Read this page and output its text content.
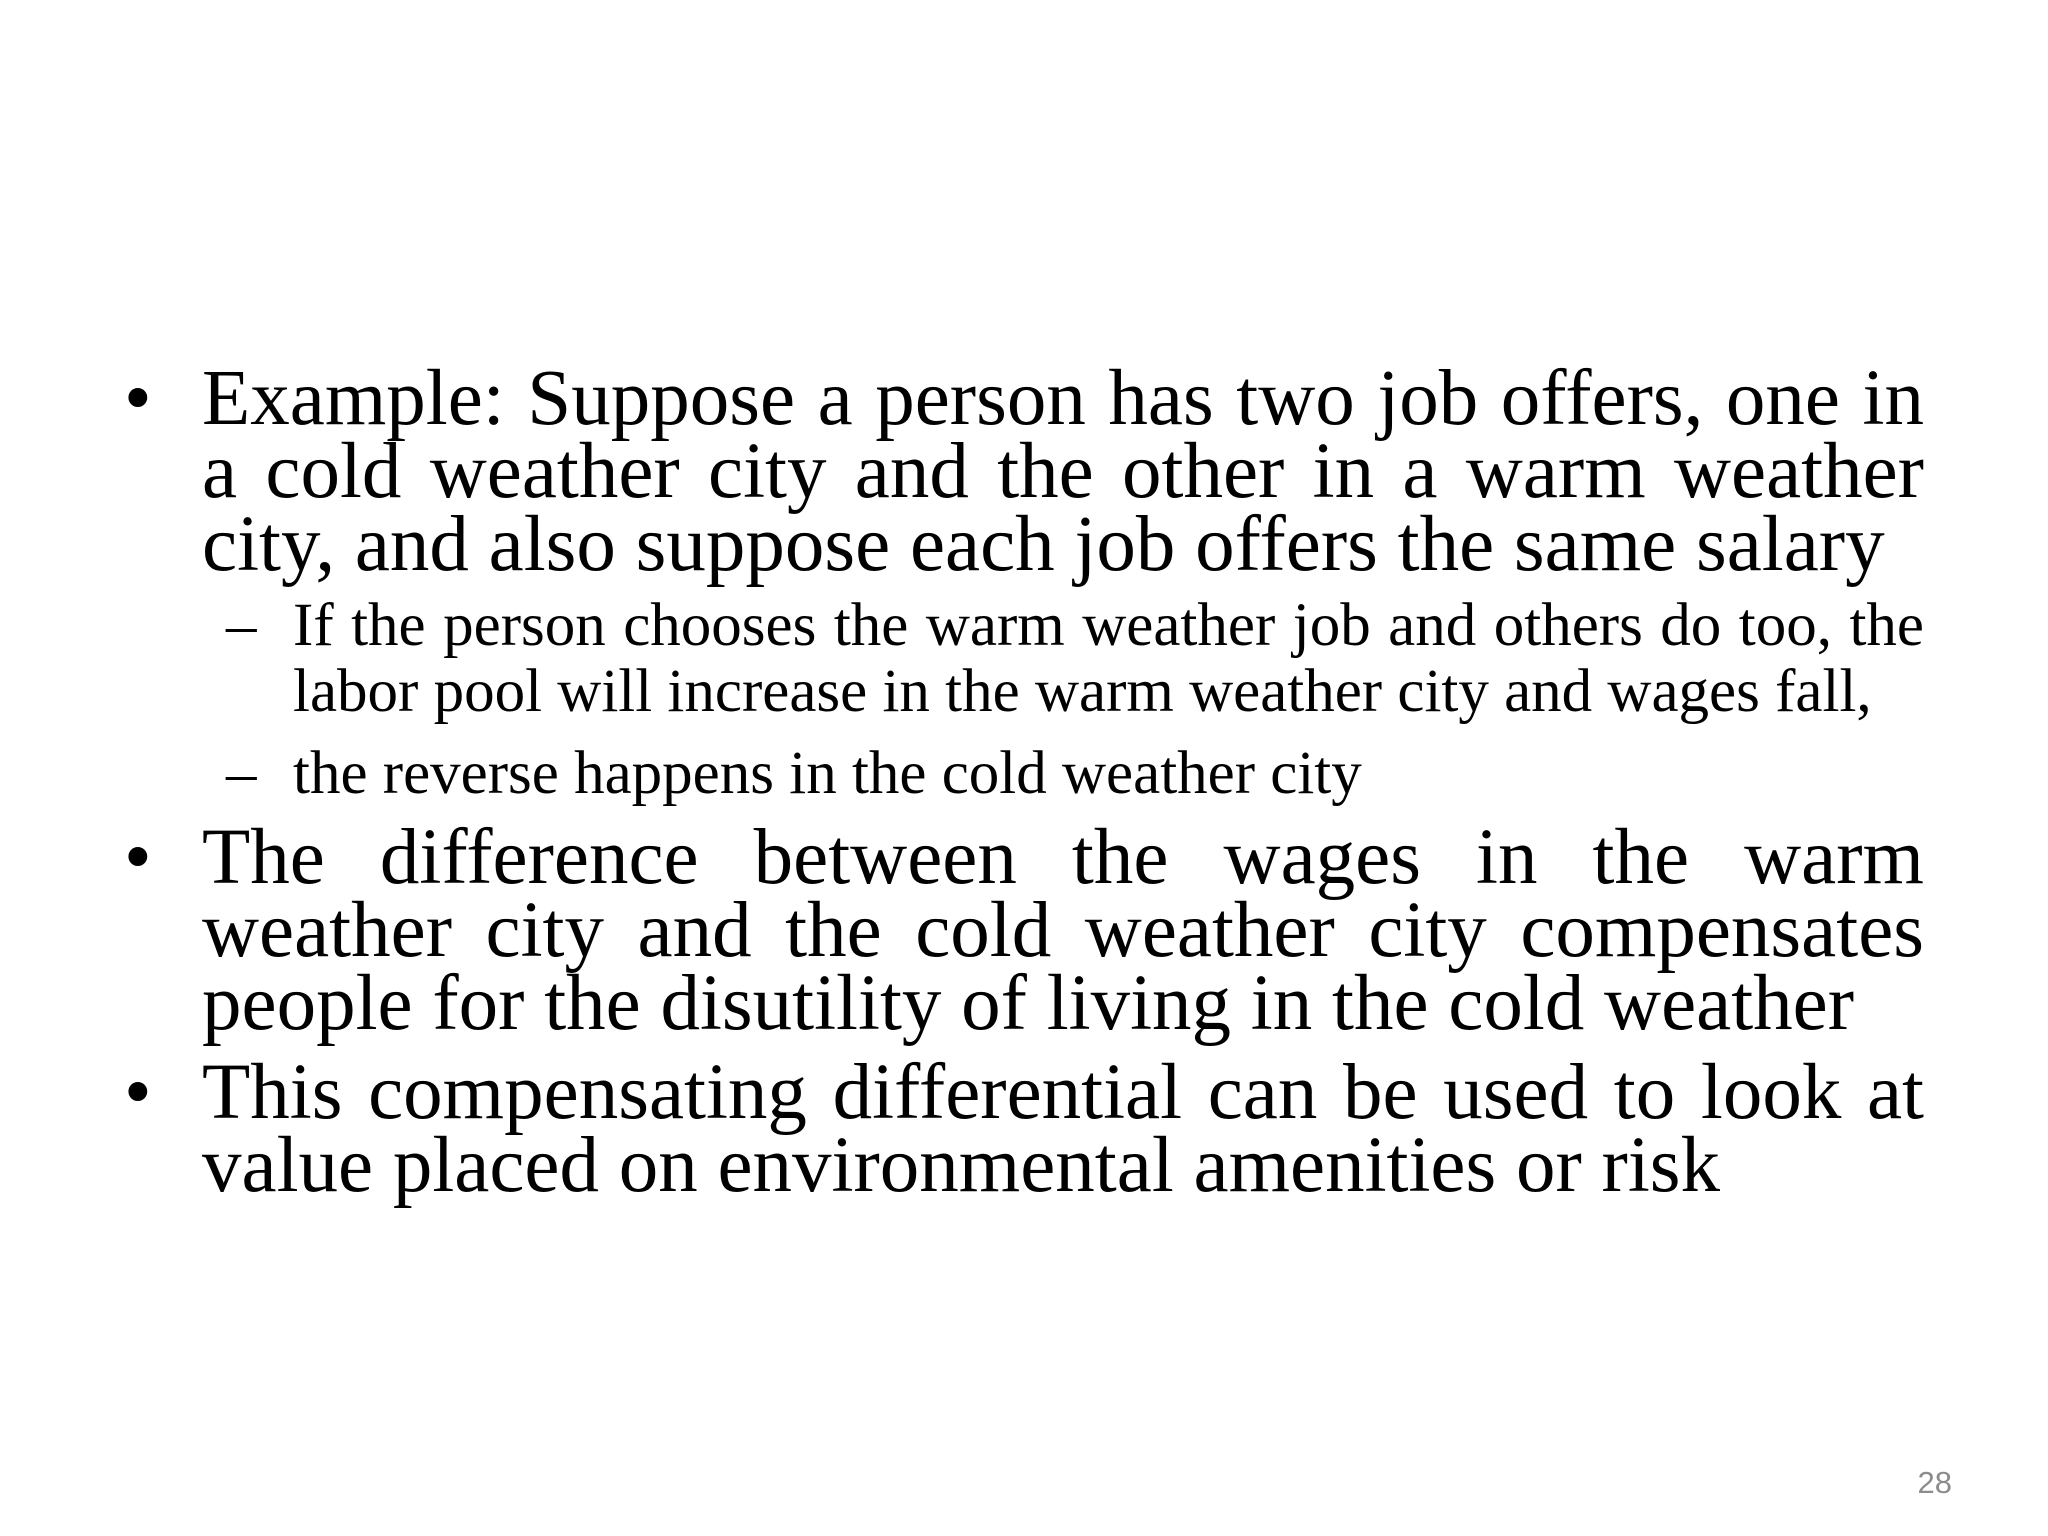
• Example: Suppose a person has two job offers, one in a cold weather city and the other in a warm weather city, and also suppose each job offers the same salary
– If the person chooses the warm weather job and others do too, the labor pool will increase in the warm weather city and wages fall,
– the reverse happens in the cold weather city
• The difference between the wages in the warm weather city and the cold weather city compensates people for the disutility of living in the cold weather
• This compensating differential can be used to look at value placed on environmental amenities or risk
28
